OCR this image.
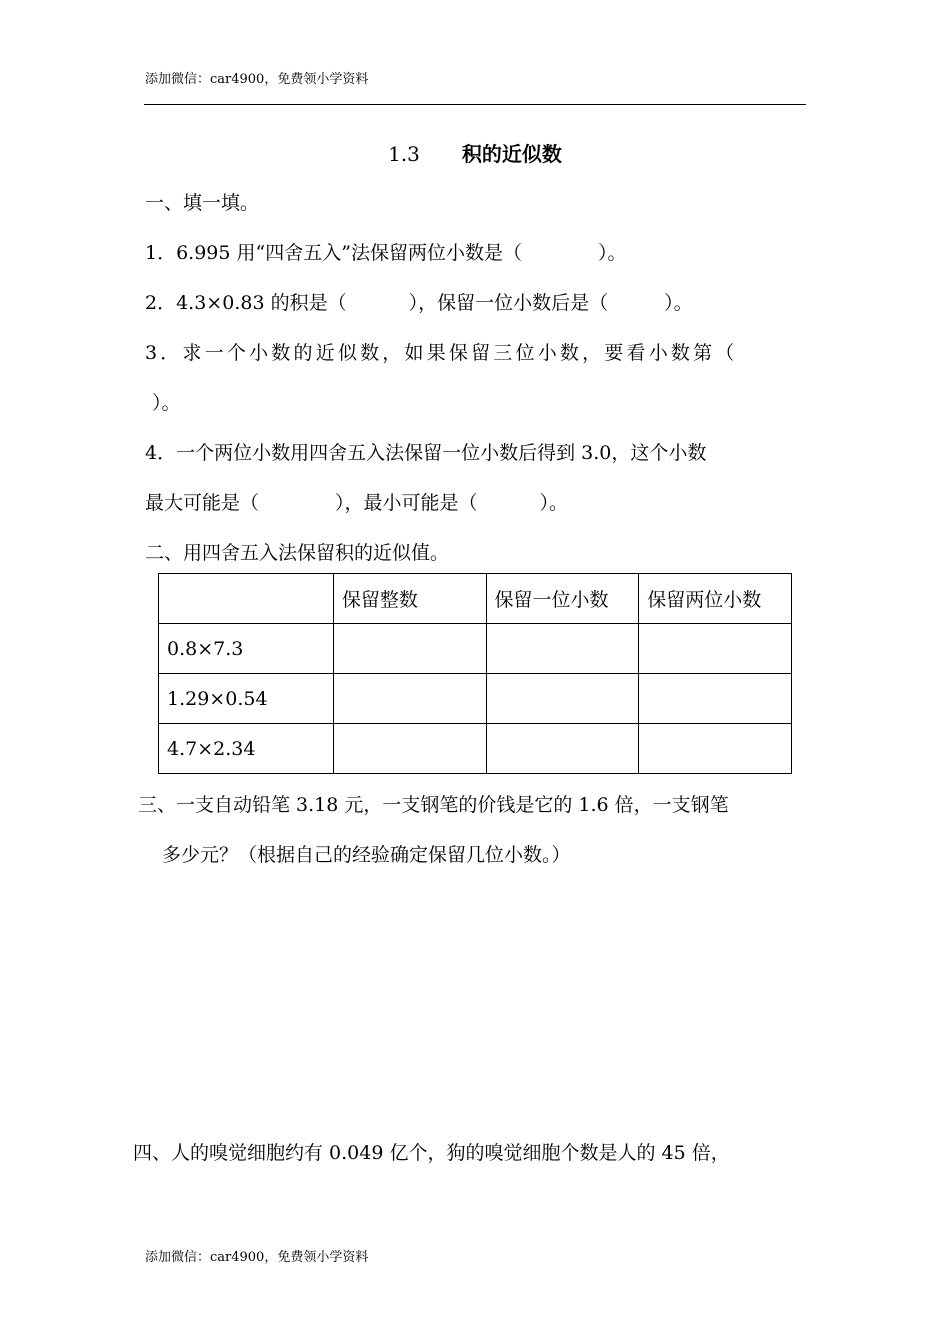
添加微信：car4900，免费领小学资料
1.3 积的近似数
一、填一填。
1．6.995 用“四舍五入”法保留两位小数是（	）。
2．4.3×0.83 的积是（	），保留一位小数后是（	）。
3．求一个小数的近似数，如果保留三位小数，要看小数第（
）。
4．一个两位小数用四舍五入法保留一位小数后得到 3.0，这个小数
最大可能是（	），最小可能是（	）。
二、用四舍五入法保留积的近似值。
	保留整数	保留一位小数	保留两位小数
0.8×7.3			
1.29×0.54			
4.7×2.34			
三、一支自动铅笔 3.18 元，一支钢笔的价钱是它的 1.6 倍，一支钢笔
多少元？（根据自己的经验确定保留几位小数。）
四、人的嗅觉细胞约有 0.049 亿个，狗的嗅觉细胞个数是人的 45 倍，
添加微信：car4900，免费领小学资料
